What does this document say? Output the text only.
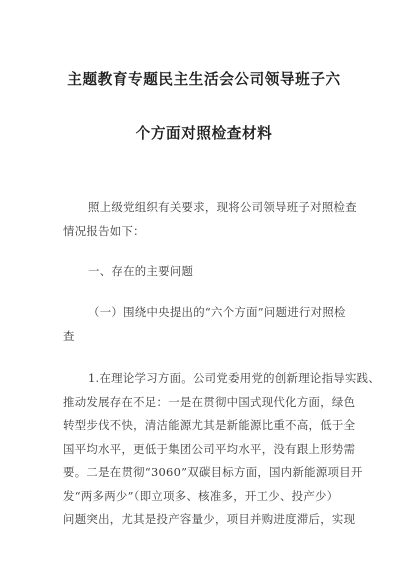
主题教育专题民主生活会公司领导班子六
个方面对照检查材料
照上级党组织有关要求，现将公司领导班子对照检查
情况报告如下：
一、存在的主要问题
（一）围绕中央提出的“六个方面”问题进行对照检
查
1.在理论学习方面。公司党委用党的创新理论指导实践、
推动发展存在不足：一是在贯彻中国式现代化方面，绿色
转型步伐不快，清洁能源尤其是新能源比重不高，低于全
国平均水平，更低于集团公司平均水平，没有跟上形势需
要。二是在贯彻“3060”双碳目标方面，国内新能源项目开
发“两多两少”（即立项多、核准多，开工少、投产少）
问题突出，尤其是投产容量少，项目并购进度滞后，实现
